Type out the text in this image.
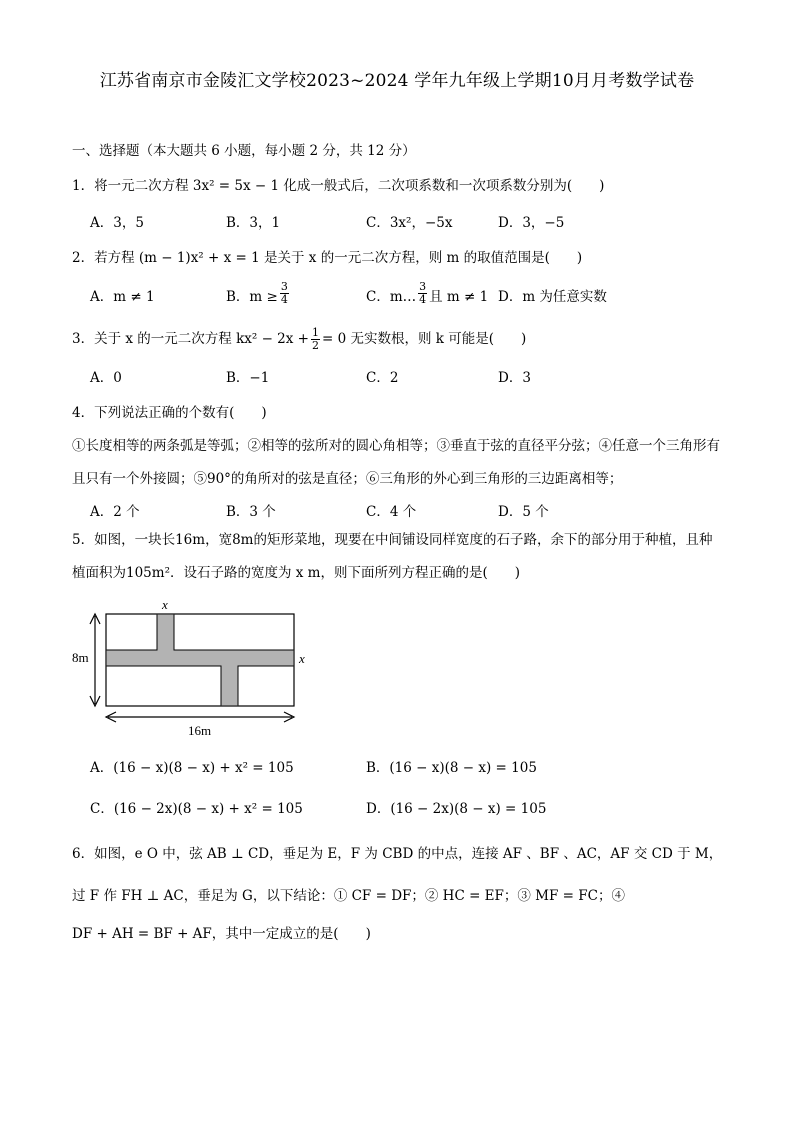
江苏省南京市金陵汇文学校2023~2024 学年九年级上学期10月月考数学试卷
一、选择题（本大题共 6 小题，每小题 2 分，共 12 分）
1．将一元二次方程 3x² = 5x − 1 化成一般式后，二次项系数和一次项系数分别为(　　)
A．3，5	B．3，1	C．3x²，−5x	D．3，−5
2．若方程 (m − 1)x² + x = 1 是关于 x 的一元二次方程，则 m 的取值范围是(　　)
A．m ≠ 1	B．$m \ge \frac{3}{4}$	C．m… $\frac{3}{4}$ 且 m ≠ 1 D．m 为任意实数
3．关于 x 的一元二次方程 $kx^2 - 2x + \frac{1}{2} = 0$ 无实数根，则 k 可能是(　　)
A．0	B．−1	C．2	D．3
4．下列说法正确的个数有(　　)
①长度相等的两条弧是等弧；②相等的弦所对的圆心角相等；③垂直于弦的直径平分弦；④任意一个三角形有且只有一个外接圆；⑤90°的角所对的弦是直径；⑥三角形的外心到三角形的三边距离相等；
A．2 个	B．3 个	C．4 个	D．5 个
5．如图，一块长16m，宽8m的矩形菜地，现要在中间铺设同样宽度的石子路，余下的部分用于种植，且种植面积为105m²．设石子路的宽度为 x m，则下面所列方程正确的是(　　)
8m
16m
x
x
A．(16 − x)(8 − x) + x² = 105	B．(16 − x)(8 − x) = 105
C．(16 − 2x)(8 − x) + x² = 105	D．(16 − 2x)(8 − x) = 105
6．如图，e O 中，弦 AB ⊥ CD，垂足为 E，F 为 CBD 的中点，连接 AF 、BF 、AC，AF 交 CD 于 M，
过 F 作 FH ⊥ AC，垂足为 G，以下结论：① CF = DF；② HC = EF；③ MF = FC；④
DF + AH = BF + AF，其中一定成立的是(　　)
